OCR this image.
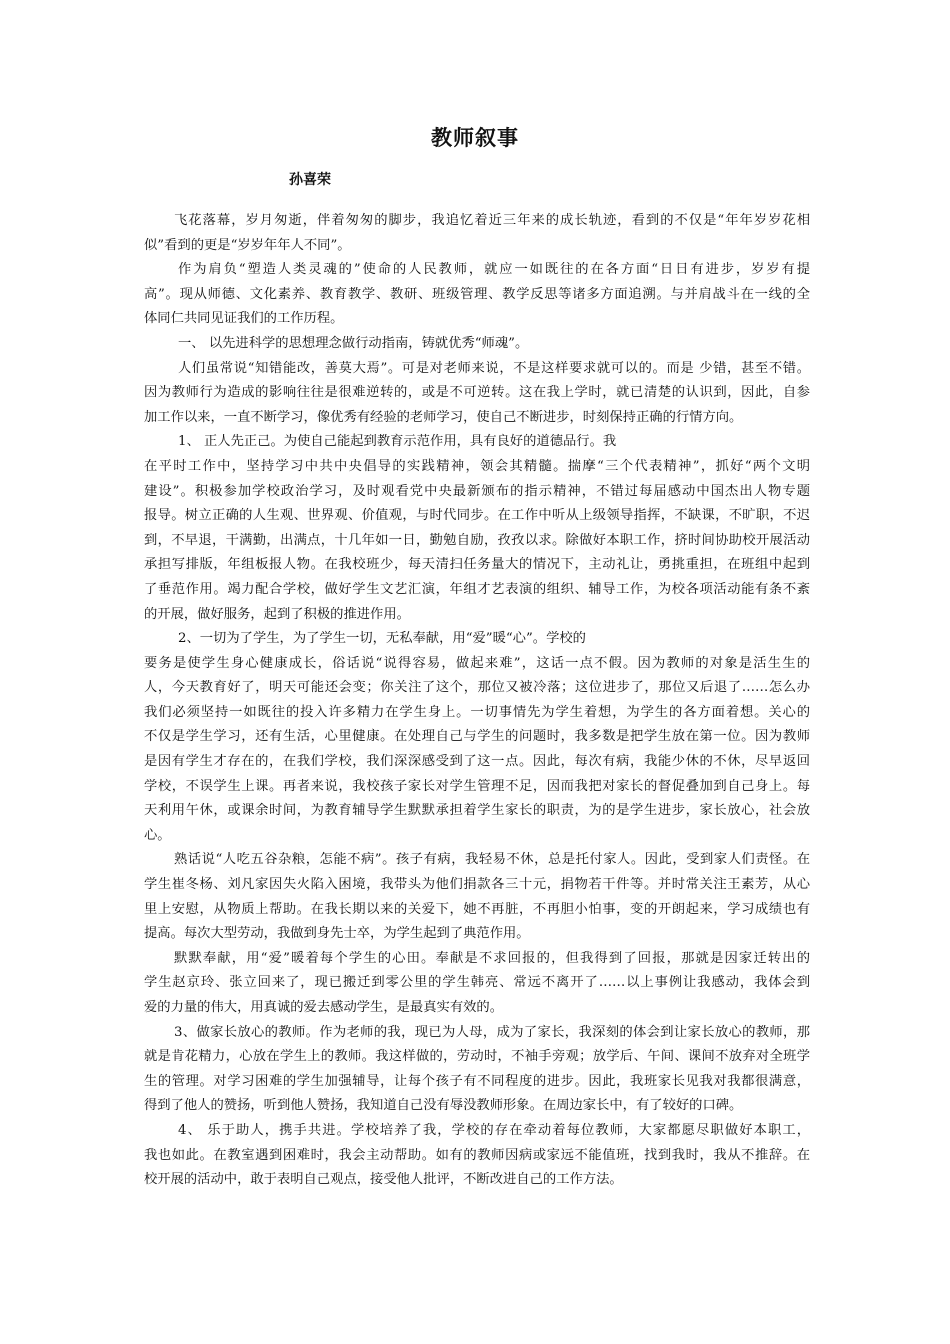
教师叙事
孙喜荣

飞花落幕，岁月匆逝，伴着匆匆的脚步，我追忆着近三年来的成长轨迹，看到的不仅是“年年岁岁花相
似”看到的更是“岁岁年年人不同”。

作为肩负“塑造人类灵魂的”使命的人民教师，就应一如既往的在各方面“日日有进步，岁岁有提
高”。现从师德、文化素养、教育教学、教研、班级管理、教学反思等诸多方面追溯。与并肩战斗在一线的全
体同仁共同见证我们的工作历程。

一、 以先进科学的思想理念做行动指南，铸就优秀“师魂”。

人们虽常说“知错能改，善莫大焉”。可是对老师来说，不是这样要求就可以的。而是 少错，甚至不错。
因为教师行为造成的影响往往是很难逆转的，或是不可逆转。这在我上学时，就已清楚的认识到，因此，自参
加工作以来，一直不断学习，像优秀有经验的老师学习，使自己不断进步，时刻保持正确的行情方向。

1、 正人先正己。为使自己能起到教育示范作用，具有良好的道德品行。我
在平时工作中，坚持学习中共中央倡导的实践精神，领会其精髓。揣摩“三个代表精神”，抓好“两个文明
建设”。积极参加学校政治学习，及时观看党中央最新颁布的指示精神，不错过每届感动中国杰出人物专题
报导。树立正确的人生观、世界观、价值观，与时代同步。在工作中听从上级领导指挥，不缺课，不旷职，不迟
到，不早退，干满勤，出满点，十几年如一日，勤勉自励，孜孜以求。除做好本职工作，挤时间协助校开展活动
承担写排版，年组板报人物。在我校班少，每天清扫任务量大的情况下，主动礼让，勇挑重担，在班组中起到
了垂范作用。竭力配合学校，做好学生文艺汇演，年组才艺表演的组织、辅导工作，为校各项活动能有条不紊
的开展，做好服务，起到了积极的推进作用。

2、一切为了学生，为了学生一切，无私奉献，用“爱”暖“心”。学校的
要务是使学生身心健康成长，俗话说“说得容易，做起来难”，这话一点不假。因为教师的对象是活生生的
人，今天教育好了，明天可能还会变；你关注了这个，那位又被冷落；这位进步了，那位又后退了……怎么办
我们必须坚持一如既往的投入许多精力在学生身上。一切事情先为学生着想，为学生的各方面着想。关心的
不仅是学生学习，还有生活，心里健康。在处理自己与学生的问题时，我多数是把学生放在第一位。因为教师
是因有学生才存在的，在我们学校，我们深深感受到了这一点。因此，每次有病，我能少休的不休，尽早返回
学校，不误学生上课。再者来说，我校孩子家长对学生管理不足，因而我把对家长的督促叠加到自己身上。每
天利用午休，或课余时间，为教育辅导学生默默承担着学生家长的职责，为的是学生进步，家长放心，社会放
心。

熟话说“人吃五谷杂粮，怎能不病”。孩子有病，我轻易不休，总是托付家人。因此，受到家人们责怪。在
学生崔冬杨、刘凡家因失火陷入困境，我带头为他们捐款各三十元，捐物若干件等。并时常关注王素芳，从心
里上安慰，从物质上帮助。在我长期以来的关爱下，她不再脏，不再胆小怕事，变的开朗起来，学习成绩也有
提高。每次大型劳动，我做到身先士卒，为学生起到了典范作用。

默默奉献，用“爱”暖着每个学生的心田。奉献是不求回报的，但我得到了回报，那就是因家迁转出的
学生赵京玲、张立回来了，现已搬迁到零公里的学生韩亮、常远不离开了……以上事例让我感动，我体会到
爱的力量的伟大，用真诚的爱去感动学生，是最真实有效的。

3、做家长放心的教师。作为老师的我，现已为人母，成为了家长，我深刻的体会到让家长放心的教师，那
就是肯花精力，心放在学生上的教师。我这样做的，劳动时，不袖手旁观；放学后、午间、课间不放弃对全班学
生的管理。对学习困难的学生加强辅导，让每个孩子有不同程度的进步。因此，我班家长见我对我都很满意，
得到了他人的赞扬，听到他人赞扬，我知道自己没有辱没教师形象。在周边家长中，有了较好的口碑。

4、 乐于助人，携手共进。学校培养了我，学校的存在牵动着每位教师，大家都愿尽职做好本职工，
我也如此。在教室遇到困难时，我会主动帮助。如有的教师因病或家远不能值班，找到我时，我从不推辞。在
校开展的活动中，敢于表明自己观点，接受他人批评，不断改进自己的工作方法。
